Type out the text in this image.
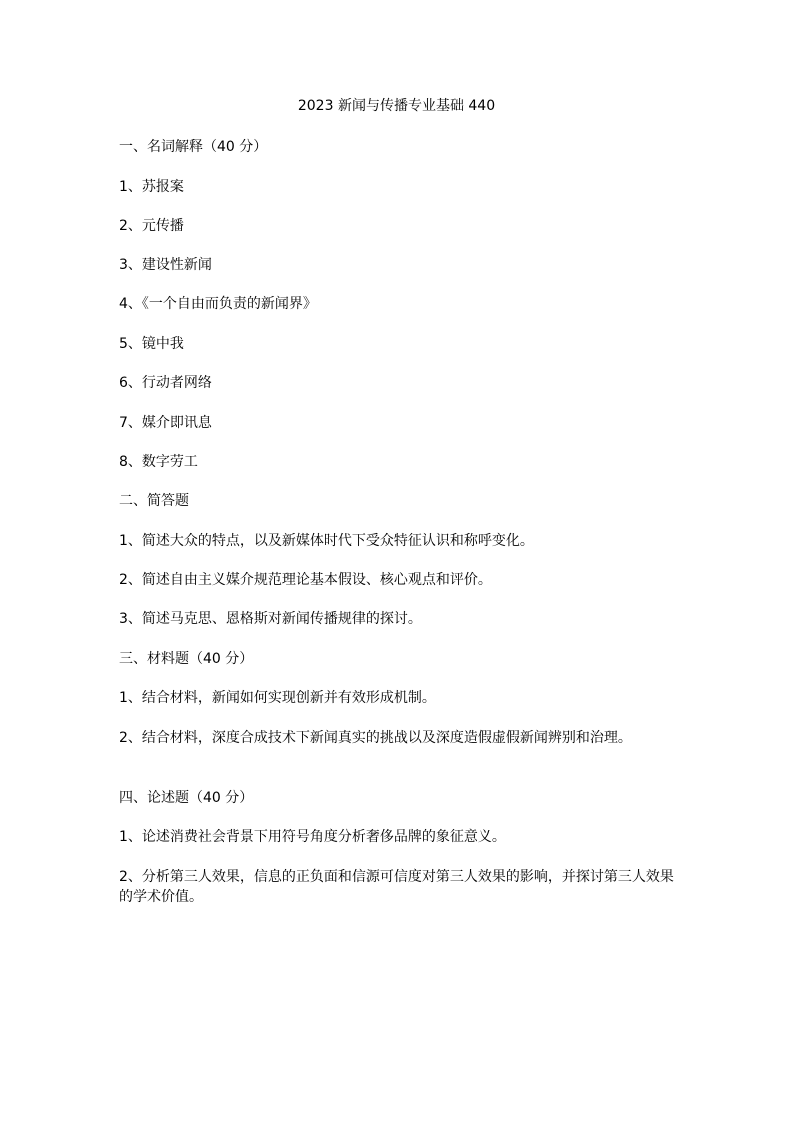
2023 新闻与传播专业基础 440
一、名词解释（40 分）
1、苏报案
2、元传播
3、建设性新闻
4、《一个自由而负责的新闻界》
5、镜中我
6、行动者网络
7、媒介即讯息
8、数字劳工
二、简答题
1、简述大众的特点，以及新媒体时代下受众特征认识和称呼变化。
2、简述自由主义媒介规范理论基本假设、核心观点和评价。
3、简述马克思、恩格斯对新闻传播规律的探讨。
三、材料题（40 分）
1、结合材料，新闻如何实现创新并有效形成机制。
2、结合材料，深度合成技术下新闻真实的挑战以及深度造假虚假新闻辨别和治理。
四、论述题（40 分）
1、论述消费社会背景下用符号角度分析奢侈品牌的象征意义。
2、分析第三人效果，信息的正负面和信源可信度对第三人效果的影响，并探讨第三人效果的学术价值。
